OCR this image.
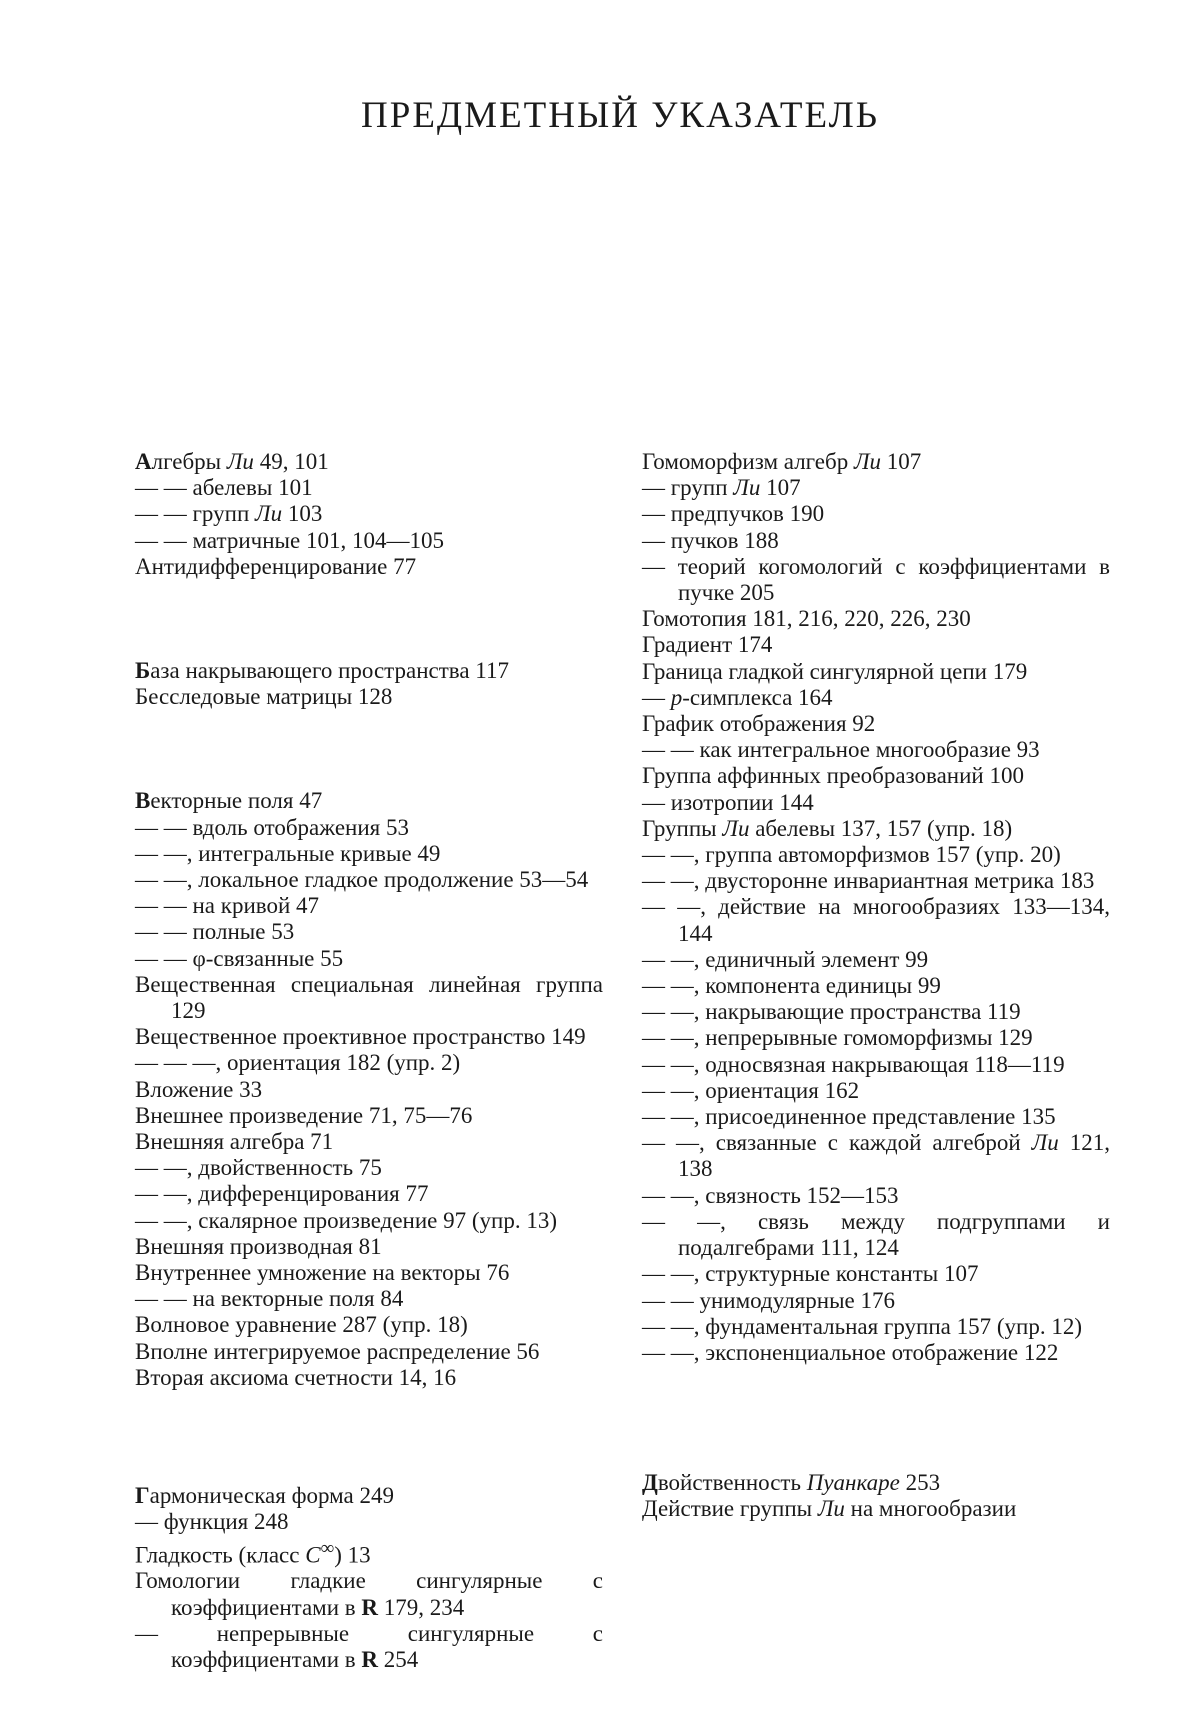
ПРЕДМЕТНЫЙ УКАЗАТЕЛЬ
Алгебры Ли 49, 101
— — абелевы 101
— — групп Ли 103
— — матричные 101, 104—105
Антидифференцирование 77
База накрывающего пространства 117
Бесследовые матрицы 128
Векторные поля 47
— — вдоль отображения 53
— —, интегральные кривые 49
— —, локальное гладкое продолжение 53—54
— — на кривой 47
— — полные 53
— — φ-связанные 55
Вещественная специальная линейная группа 129
Вещественное проективное пространство 149
— — —, ориентация 182 (упр. 2)
Вложение 33
Внешнее произведение 71, 75—76
Внешняя алгебра 71
— —, двойственность 75
— —, дифференцирования 77
— —, скалярное произведение 97 (упр. 13)
Внешняя производная 81
Внутреннее умножение на векторы 76
— — на векторные поля 84
Волновое уравнение 287 (упр. 18)
Вполне интегрируемое распределение 56
Вторая аксиома счетности 14, 16
Гармоническая форма 249
— функция 248
Гладкость (класс C∞) 13
Гомологии гладкие сингулярные с коэффициентами в R 179, 234
— непрерывные сингулярные с коэффициентами в R 254
Гомоморфизм алгебр Ли 107
— групп Ли 107
— предпучков 190
— пучков 188
— теорий когомологий с коэффициентами в пучке 205
Гомотопия 181, 216, 220, 226, 230
Градиент 174
Граница гладкой сингулярной цепи 179
— p-симплекса 164
График отображения 92
— — как интегральное многообразие 93
Группа аффинных преобразований 100
— изотропии 144
Группы Ли абелевы 137, 157 (упр. 18)
— —, группа автоморфизмов 157 (упр. 20)
— —, двусторонне инвариантная метрика 183
— —, действие на многообразиях 133—134, 144
— —, единичный элемент 99
— —, компонента единицы 99
— —, накрывающие пространства 119
— —, непрерывные гомоморфизмы 129
— —, односвязная накрывающая 118—119
— —, ориентация 162
— —, присоединенное представление 135
— —, связанные с каждой алгеброй Ли 121, 138
— —, связность 152—153
— —, связь между подгруппами и подалгебрами 111, 124
— —, структурные константы 107
— — унимодулярные 176
— —, фундаментальная группа 157 (упр. 12)
— —, экспоненциальное отображение 122
Двойственность Пуанкаре 253
Действие группы Ли на многообразии
